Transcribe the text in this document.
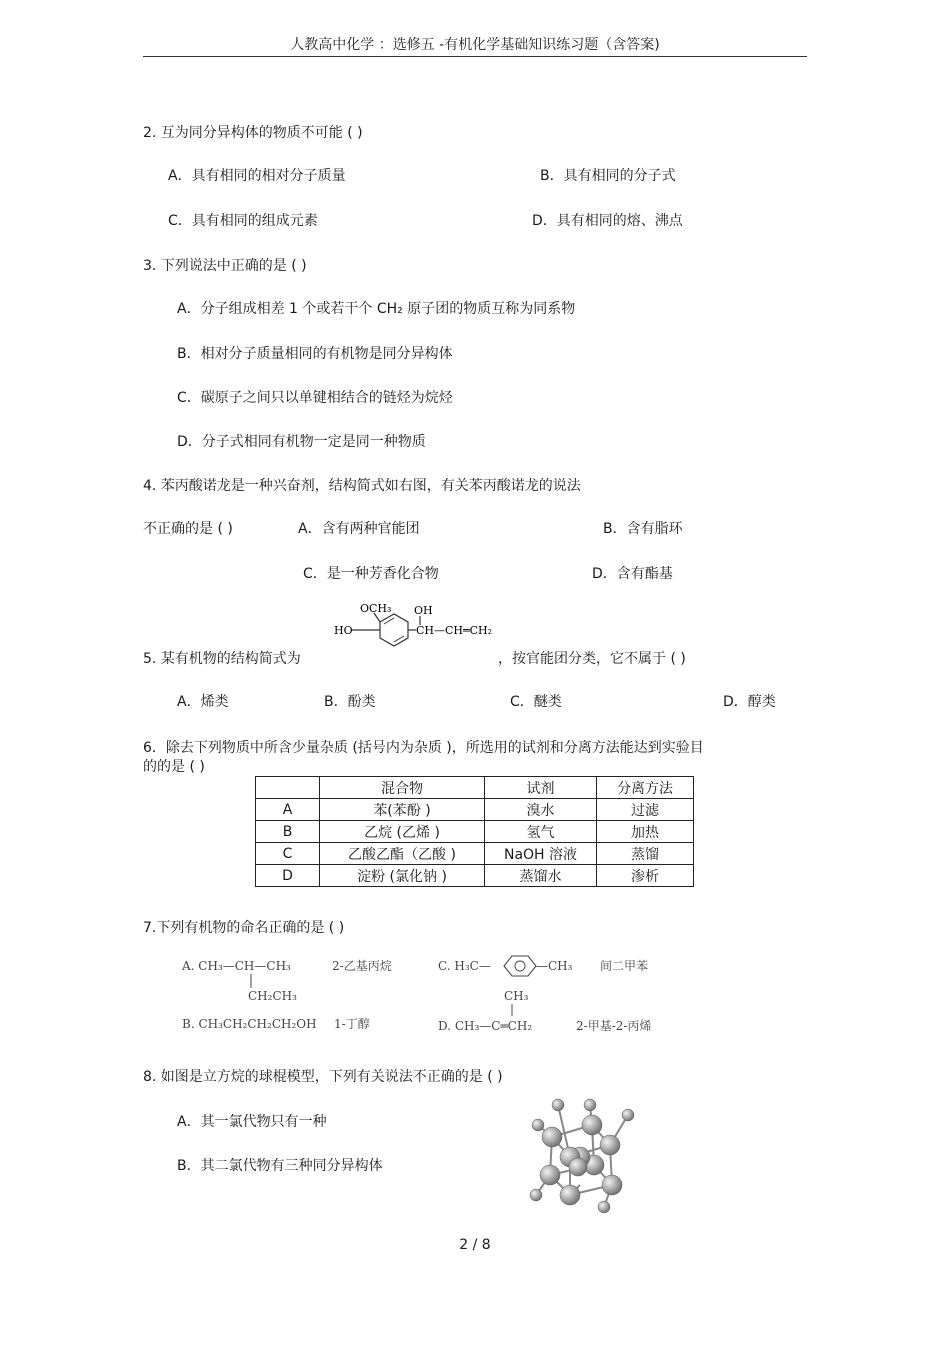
人教高中化学 ：选修五 -有机化学基础知识练习题（含答案)
2. 互为同分异构体的物质不可能 ( )
A．具有相同的相对分子质量	B．具有相同的分子式
C．具有相同的组成元素	D．具有相同的熔、沸点
3. 下列说法中正确的是 ( )
A．分子组成相差 1 个或若干个 CH₂ 原子团的物质互称为同系物
B．相对分子质量相同的有机物是同分异构体
C．碳原子之间只以单键相结合的链烃为烷烃
D．分子式相同有机物一定是同一种物质
4. 苯丙酸诺龙是一种兴奋剂，结构简式如右图，有关苯丙酸诺龙的说法
不正确的是 ( )	A．含有两种官能团	B．含有脂环
C．是一种芳香化合物	D．含有酯基
OCH₃ OH
HO	CH—CH═CH₂
5. 某有机物的结构简式为	，按官能团分类，它不属于 ( )
A．烯类	B．酚类	C．醚类	D．醇类
6．除去下列物质中所含少量杂质 (括号内为杂质 )，所选用的试剂和分离方法能达到实验目
的的是 ( )
	混合物	试剂	分离方法
A	苯(苯酚 )	溴水	过滤
B	乙烷 (乙烯 )	氢气	加热
C	乙酸乙酯（乙酸 )	NaOH 溶液	蒸馏
D	淀粉 (氯化钠 )	蒸馏水	渗析
7.下列有机物的命名正确的是 ( )
A. CH₃—CH—CH₃
CH₂CH₃
2-乙基丙烷
B. CH₃CH₂CH₂CH₂OH 1-丁醇
C. H₃C—	—CH₃ 间二甲苯
CH₃
D. CH₃—C═CH₂	2-甲基-2-丙烯
8. 如图是立方烷的球棍模型，下列有关说法不正确的是 ( )
A．其一氯代物只有一种
B．其二氯代物有三种同分异构体
2 / 8
